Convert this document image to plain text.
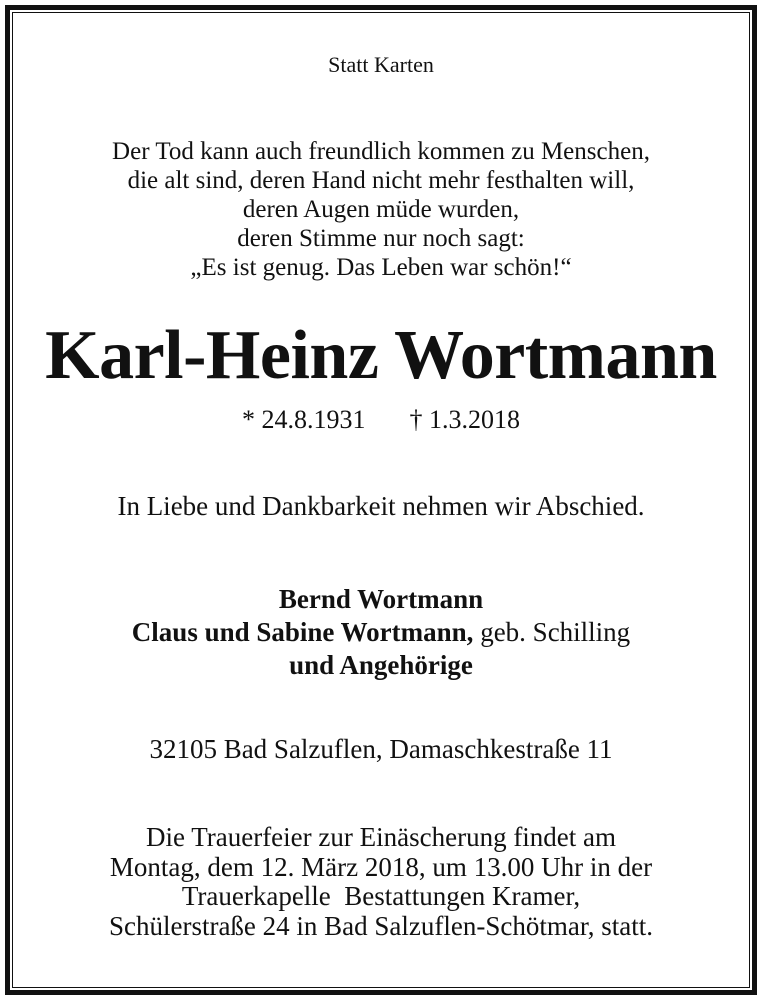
Statt Karten
Der Tod kann auch freundlich kommen zu Menschen,
die alt sind, deren Hand nicht mehr festhalten will,
deren Augen müde wurden,
deren Stimme nur noch sagt:
„Es ist genug. Das Leben war schön!“
Karl-Heinz Wortmann
* 24.8.1931 † 1.3.2018
In Liebe und Dankbarkeit nehmen wir Abschied.
Bernd Wortmann
Claus und Sabine Wortmann, geb. Schilling
und Angehörige
32105 Bad Salzuflen, Damaschkestraße 11
Die Trauerfeier zur Einäscherung findet am
Montag, dem 12. März 2018, um 13.00 Uhr in der
Trauerkapelle  Bestattungen Kramer,
Schülerstraße 24 in Bad Salzuflen-Schötmar, statt.
